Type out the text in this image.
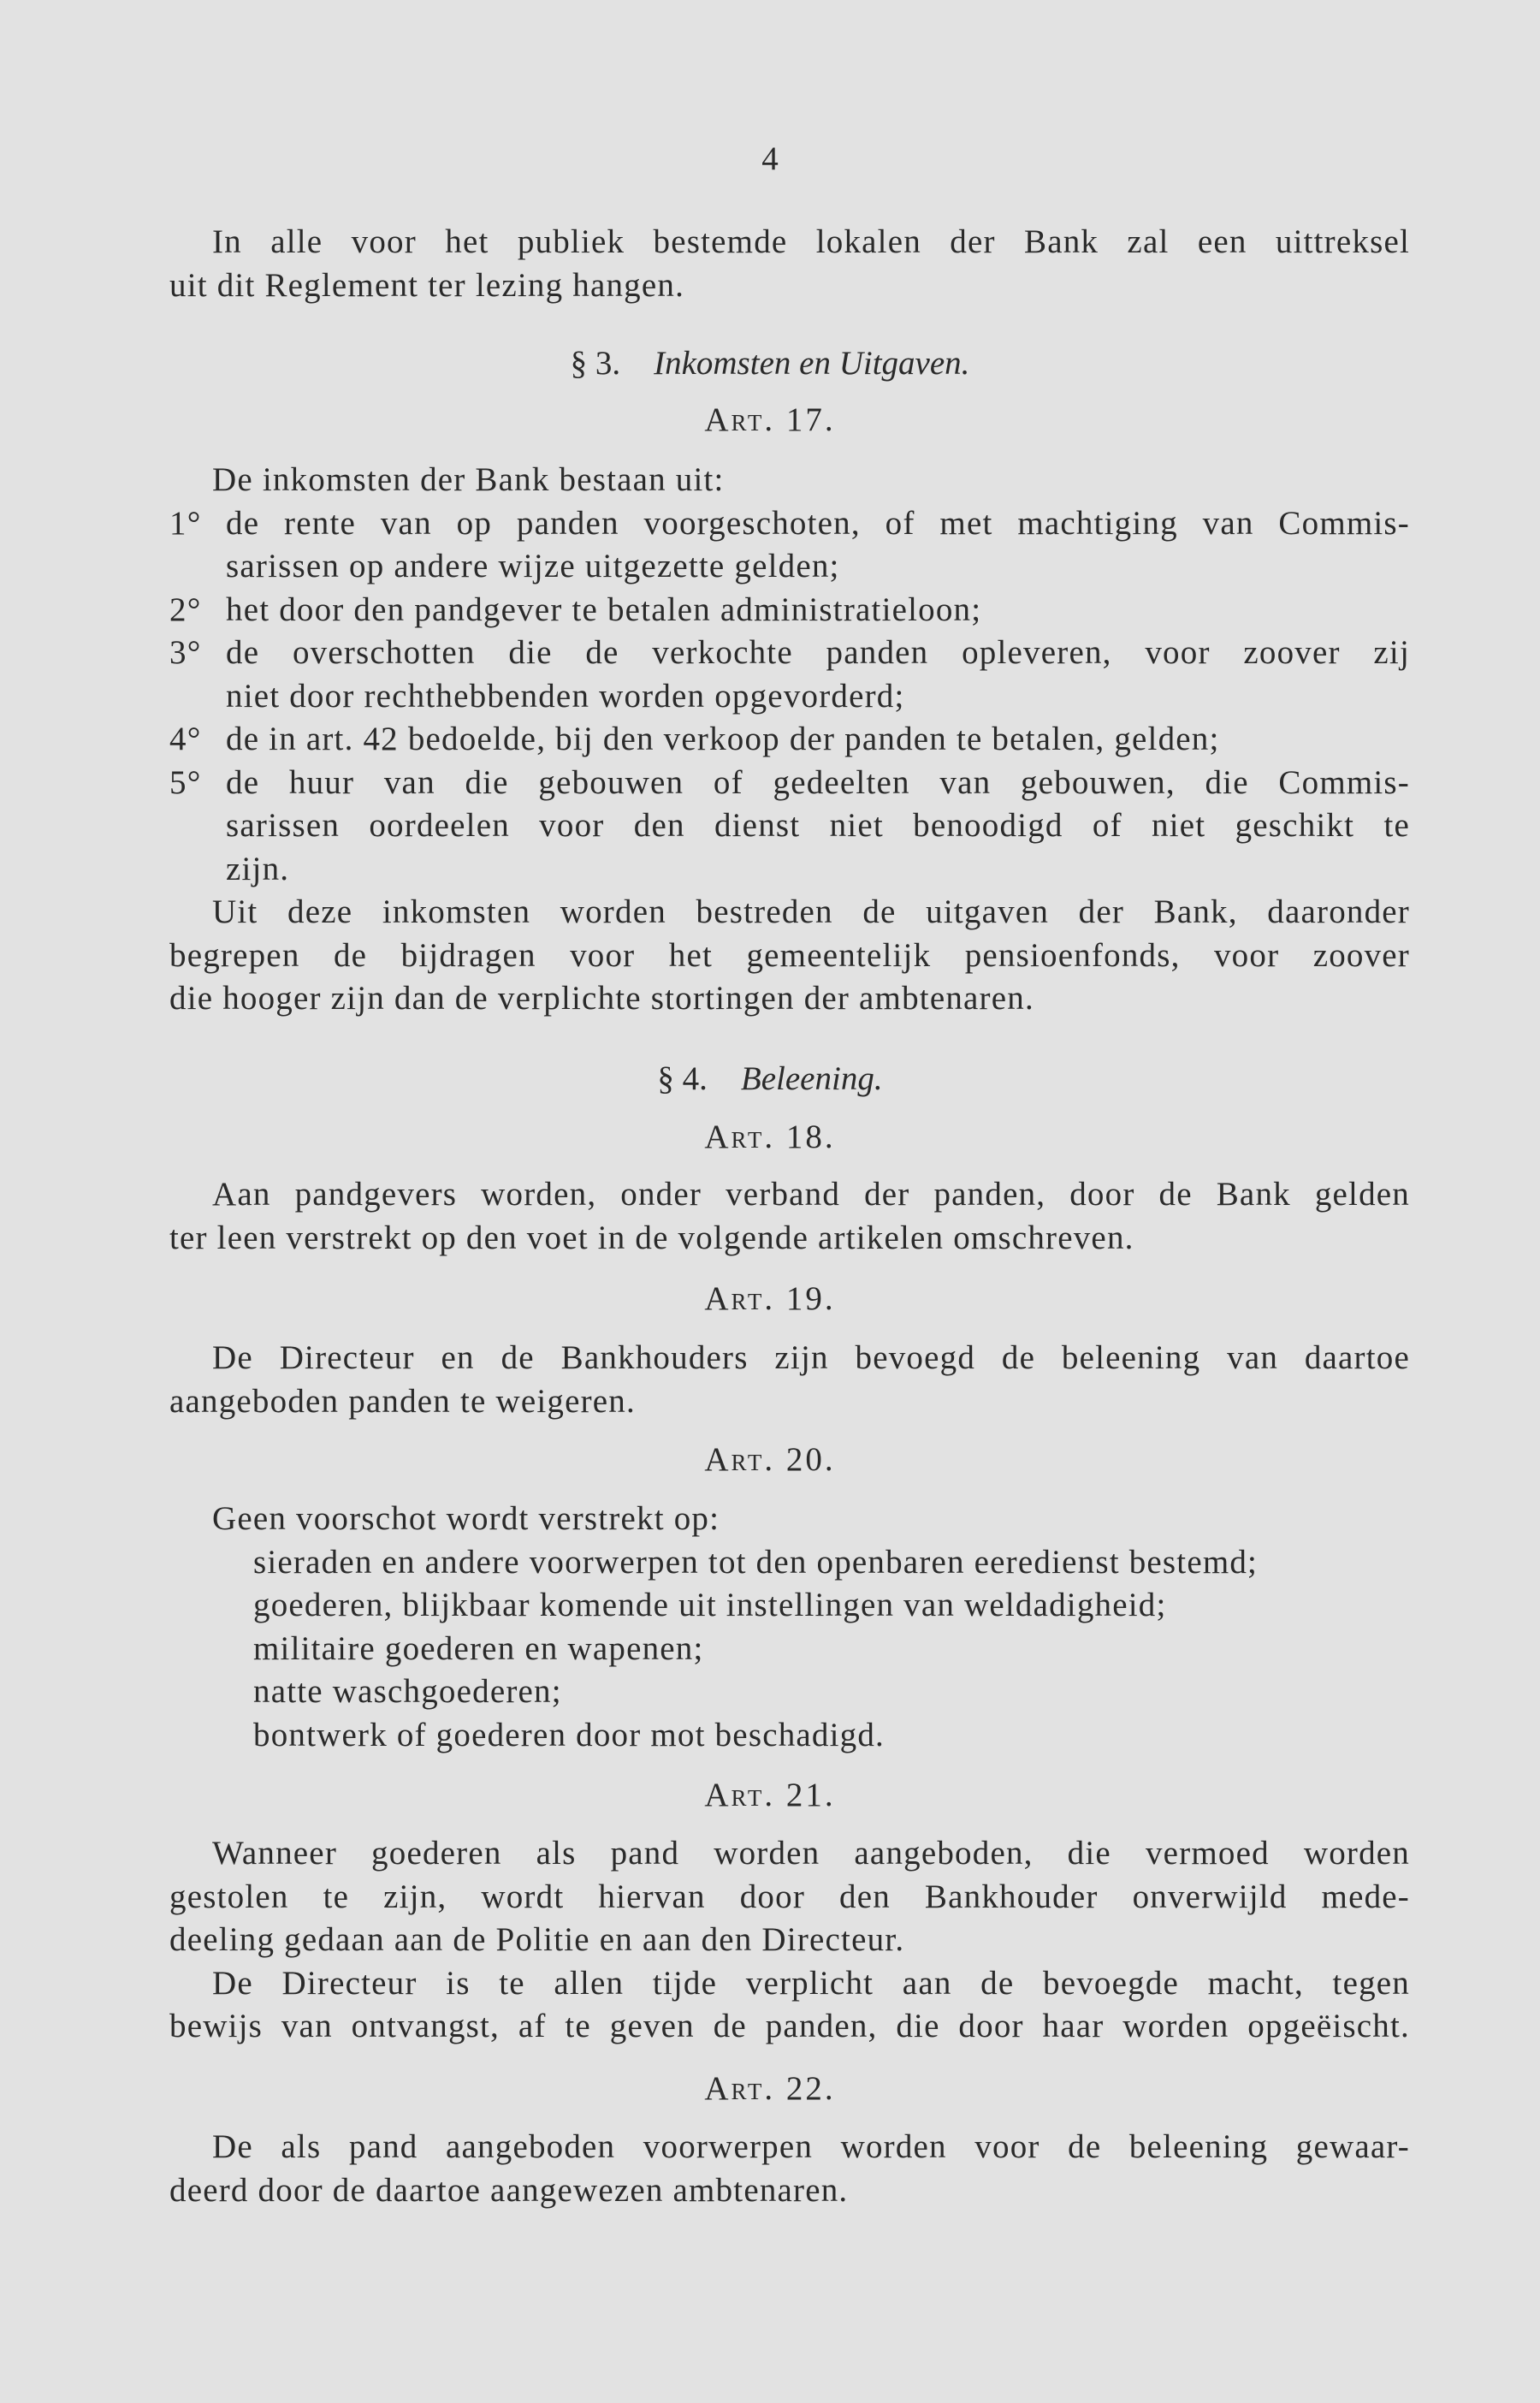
4
In alle voor het publiek bestemde lokalen der Bank zal een uittreksel
uit dit Reglement ter lezing hangen.
§ 3. Inkomsten en Uitgaven.
Art. 17.
De inkomsten der Bank bestaan uit:
1° de rente van op panden voorgeschoten, of met machtiging van Commis-
sarissen op andere wijze uitgezette gelden;
2° het door den pandgever te betalen administratieloon;
3° de overschotten die de verkochte panden opleveren, voor zoover zij
niet door rechthebbenden worden opgevorderd;
4° de in art. 42 bedoelde, bij den verkoop der panden te betalen, gelden;
5° de huur van die gebouwen of gedeelten van gebouwen, die Commis-
sarissen oordeelen voor den dienst niet benoodigd of niet geschikt te
zijn.
Uit deze inkomsten worden bestreden de uitgaven der Bank, daaronder
begrepen de bijdragen voor het gemeentelijk pensioenfonds, voor zoover
die hooger zijn dan de verplichte stortingen der ambtenaren.
§ 4. Beleening.
Art. 18.
Aan pandgevers worden, onder verband der panden, door de Bank gelden
ter leen verstrekt op den voet in de volgende artikelen omschreven.
Art. 19.
De Directeur en de Bankhouders zijn bevoegd de beleening van daartoe
aangeboden panden te weigeren.
Art. 20.
Geen voorschot wordt verstrekt op:
sieraden en andere voorwerpen tot den openbaren eeredienst bestemd;
goederen, blijkbaar komende uit instellingen van weldadigheid;
militaire goederen en wapenen;
natte waschgoederen;
bontwerk of goederen door mot beschadigd.
Art. 21.
Wanneer goederen als pand worden aangeboden, die vermoed worden
gestolen te zijn, wordt hiervan door den Bankhouder onverwijld mede-
deeling gedaan aan de Politie en aan den Directeur.
De Directeur is te allen tijde verplicht aan de bevoegde macht, tegen
bewijs van ontvangst, af te geven de panden, die door haar worden opgeëischt.
Art. 22.
De als pand aangeboden voorwerpen worden voor de beleening gewaar-
deerd door de daartoe aangewezen ambtenaren.
